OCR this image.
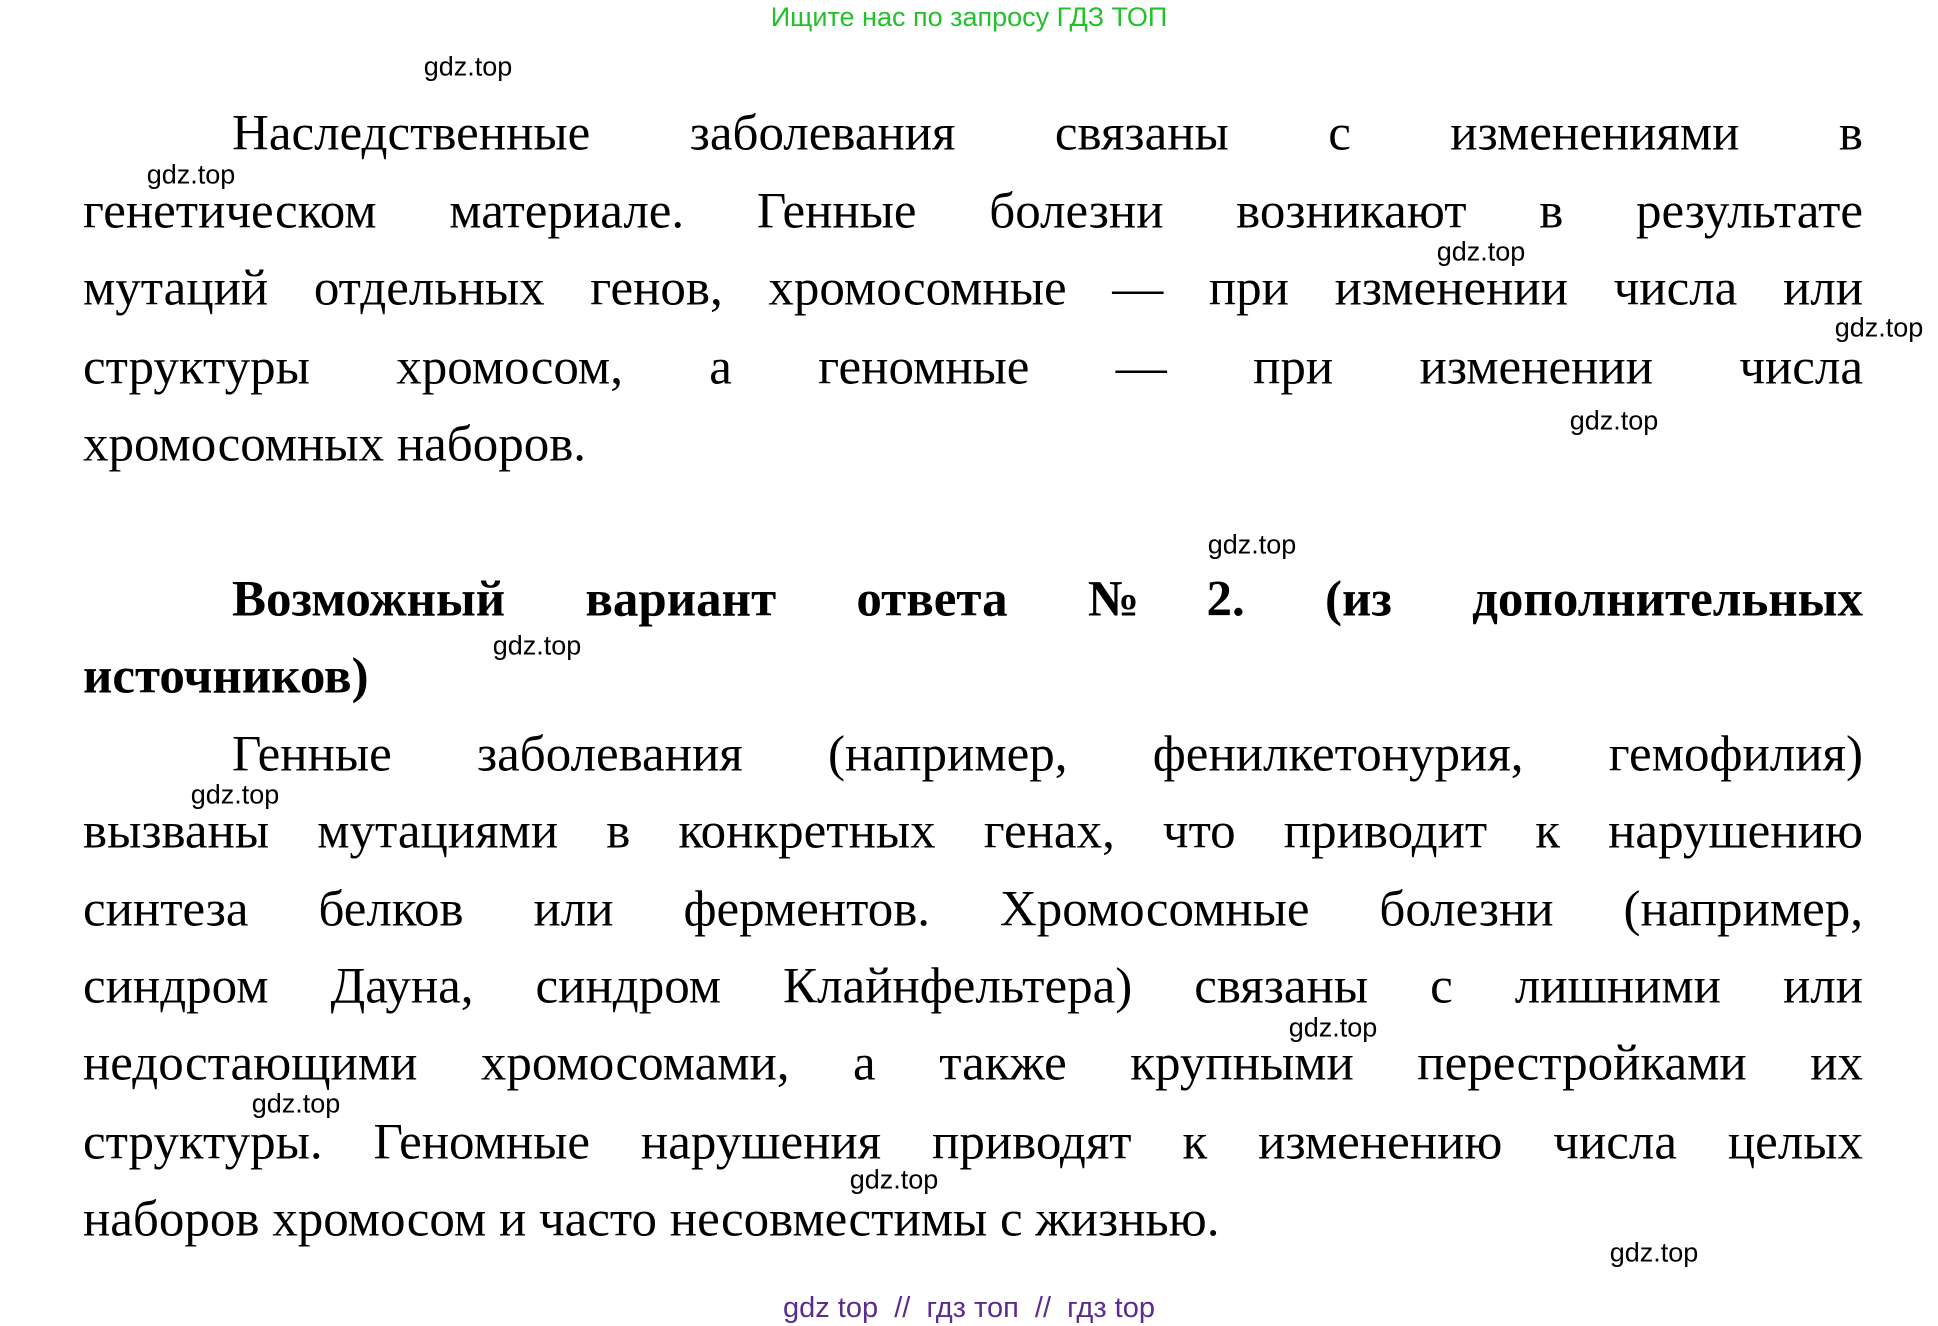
Ищите нас по запросу ГДЗ ТОП
Наследственные заболевания связаны с изменениями в
генетическом материале. Генные болезни возникают в результате
мутаций отдельных генов, хромосомные — при изменении числа или
структуры хромосом, а геномные — при изменении числа
хромосомных наборов.
Возможный вариант ответа №2. (из дополнительных
источников)
Генные заболевания (например, фенилкетонурия, гемофилия)
вызваны мутациями в конкретных генах, что приводит к нарушению
синтеза белков или ферментов. Хромосомные болезни (например,
синдром Дауна, синдром Клайнфельтера) связаны с лишними или
недостающими хромосомами, а также крупными перестройками их
структуры. Геномные нарушения приводят к изменению числа целых
наборов хромосом и часто несовместимы с жизнью.
gdz.top
gdz.top
gdz.top
gdz.top
gdz.top
gdz.top
gdz.top
gdz.top
gdz.top
gdz.top
gdz.top
gdz.top
gdz top  //  гдз топ  //  гдз top
